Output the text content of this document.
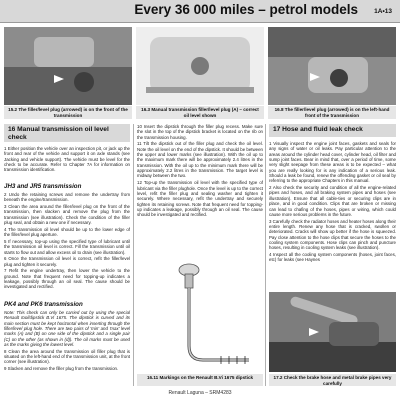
Every 36 000 miles – petrol models 1A•13
15.2 The filler/level plug (arrowed) is on the front of the transmission
16.3 Manual transmission filler/level plug (A) – correct oil level shown
16.8 The filler/level plug (arrowed) is on the left-hand front of the transmission
16 Manual transmission oil level check

1 Either position the vehicle over an inspection pit, or jack up the front and rear of the vehicle and support it on axle stands (see Jacking and vehicle support). The vehicle must be level for the check to be accurate. Refer to Chapter 7A for information on transmission identification.

JH3 and JR5 transmission

2 Undo the retaining screws and remove the undertray from beneath the engine/transmission.

3 Clean the area around the filler/level plug on the front of the transmission, then slacken and remove the plug from the transmission (see illustration). Check the condition of the filler plug seal, and obtain a new one if necessary.

4 The transmission oil level should be up to the lower edge of the filler/level plug aperture.

5 If necessary, top-up using the specified type of lubricant until the transmission oil level is correct. Fill the transmission until oil starts to flow out and allow excess oil to drain (see illustration).

6 Once the transmission oil level is correct, refit the filler/level plug and tighten it securely.

7 Refit the engine undertray, then lower the vehicle to the ground. Note that frequent need for topping-up indicates a leakage, possibly through an oil seal. The cause should be investigated and rectified.

PK4 and PK6 transmission

Note: This check can only be carried out by using the special Renault tool/dipstick B.Vi 1675. The dipstick is curved and its main section must be kept horizontal when inserting through the filler/level plug hole. There are two pairs of 'min' and 'max' level marks (A) and (B) on one side of the dipstick and a single pair (C) on the other (as shown in (d)). The oil marks must be used as the marks giving the lowest level.

8 Clean the area around the transmission oil filler plug that is situated on the left-hand end of the transmission unit, at the front corner (see illustration).

9 Slacken and remove the filler plug from the transmission.

10 Insert the dipstick through the filler plug recess. Make sure the slot in the top of the dipstick bracket is located on the rib on the transmission housing.

11 Tilt the dipstick out of the filler plug and check the oil level. Note the oil level on the end of the dipstick. It should be between the upper and lower marks (see illustration). With the oil up to the maximum mark there will be approximately 2.4 litres in the transmission. With the oil up to the minimum mark there will be approximately 2.2 litres in the transmission. The target level is midway between the two.

12 Top-up the transmission oil level with the specified type of lubricant via the filler plughole. Once the level is up to the correct level, refit the filler plug and sealing washer and tighten it securely. Where necessary, refit the undertray and securely tighten its retaining screws. Note that frequent need for topping-up indicates a leakage, possibly through an oil seal. The cause should be investigated and rectified.

16.11 Markings on the Renault B.Vi 1675 dipstick
17 Hose and fluid leak check

1 Visually inspect the engine joint faces, gaskets and seals for any signs of water or oil leaks. Pay particular attention to the areas around the cylinder head cover, cylinder head, oil filter and sump joint faces. Bear in mind that, over a period of time, some very slight seepage from these areas is to be expected – what you are really looking for is any indication of a serious leak. Should a leak be found, renew the offending gasket or oil seal by referring to the appropriate Chapters in this manual.

2 Also check the security and condition of all the engine-related pipes and hoses, and all braking system pipes and hoses (see illustration). Ensure that all cable-ties or securing clips are in place, and in good condition. Clips that are broken or missing can lead to chafing of the hoses, pipes or wiring, which could cause more serious problems in the future.

3 Carefully check the radiator hoses and heater hoses along their entire length. Renew any hose that is cracked, swollen or deteriorated. Cracks will show up better if the hose is squeezed. Pay close attention to the hose clips that secure the hoses to the cooling system components. Hose clips can pinch and puncture hoses, resulting in cooling system leaks (see illustration).

4 Inspect all the cooling system components (hoses, joint faces, etc) for leaks (see Haynes

17.2 Check the brake hose and metal brake pipes very carefully
Renault Laguna – SRM4283
